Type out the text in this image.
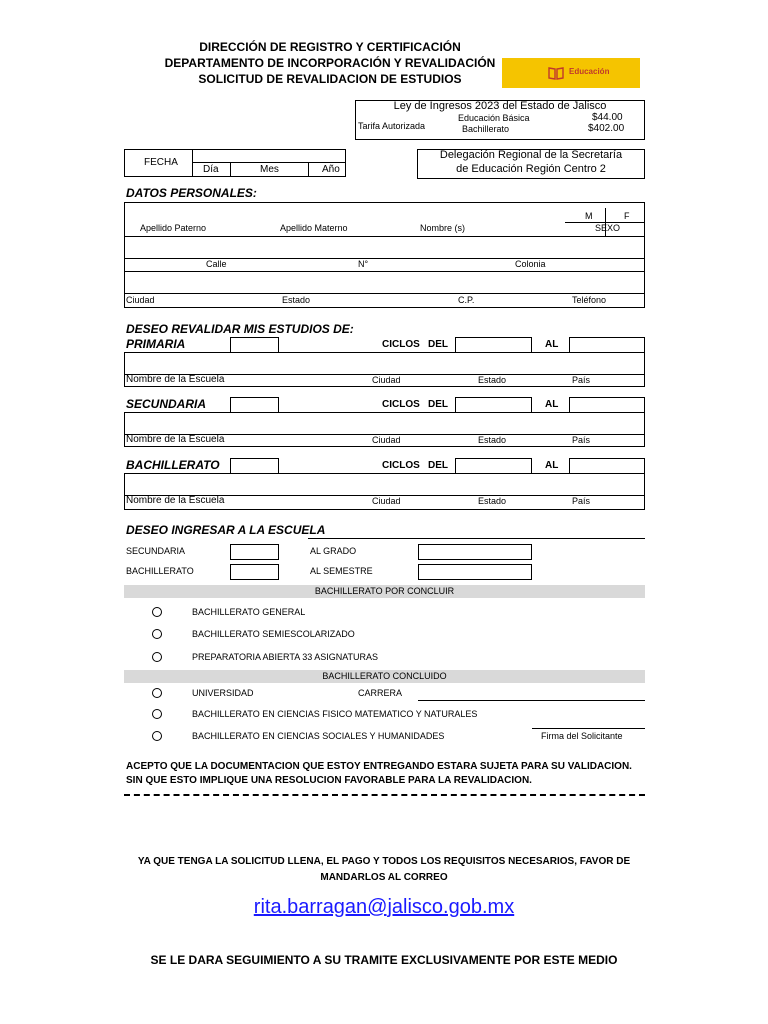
DIRECCIÓN DE REGISTRO Y CERTIFICACIÓN
DEPARTAMENTO DE INCORPORACIÓN Y REVALIDACIÓN
SOLICITUD DE REVALIDACION DE ESTUDIOS
Educación
Ley de Ingresos 2023 del Estado de Jalisco
Tarifa Autorizada
Educación Básica	$44.00
Bachillerato	$402.00
FECHA
Día	Mes	Año
Delegación Regional de la Secretaría
de Educación Región Centro 2
DATOS PERSONALES:
M	F
SEXO
Apellido Paterno	Apellido Materno	Nombre (s)
Calle	N°	Colonia
Ciudad	Estado	C.P.	Teléfono
DESEO REVALIDAR MIS ESTUDIOS DE:
PRIMARIA	CICLOS DEL	AL
Nombre de la Escuela	Ciudad	Estado	País
SECUNDARIA	CICLOS DEL	AL
Nombre de la Escuela	Ciudad	Estado	País
BACHILLERATO	CICLOS DEL	AL
Nombre de la Escuela	Ciudad	Estado	País
DESEO INGRESAR A LA ESCUELA
SECUNDARIA	AL GRADO
BACHILLERATO	AL SEMESTRE
BACHILLERATO POR CONCLUIR
BACHILLERATO GENERAL
BACHILLERATO SEMIESCOLARIZADO
PREPARATORIA ABIERTA 33 ASIGNATURAS
BACHILLERATO CONCLUIDO
UNIVERSIDAD	CARRERA
BACHILLERATO EN CIENCIAS FISICO MATEMATICO Y NATURALES
BACHILLERATO EN CIENCIAS SOCIALES Y HUMANIDADES	Firma del Solicitante
ACEPTO QUE LA DOCUMENTACION QUE ESTOY ENTREGANDO ESTARA SUJETA PARA SU VALIDACION.
SIN QUE ESTO IMPLIQUE UNA RESOLUCION FAVORABLE PARA LA REVALIDACION.
YA QUE TENGA LA SOLICITUD LLENA, EL PAGO Y TODOS LOS REQUISITOS NECESARIOS, FAVOR DE
MANDARLOS AL CORREO
rita.barragan@jalisco.gob.mx
SE LE DARA SEGUIMIENTO A SU TRAMITE EXCLUSIVAMENTE POR ESTE MEDIO
